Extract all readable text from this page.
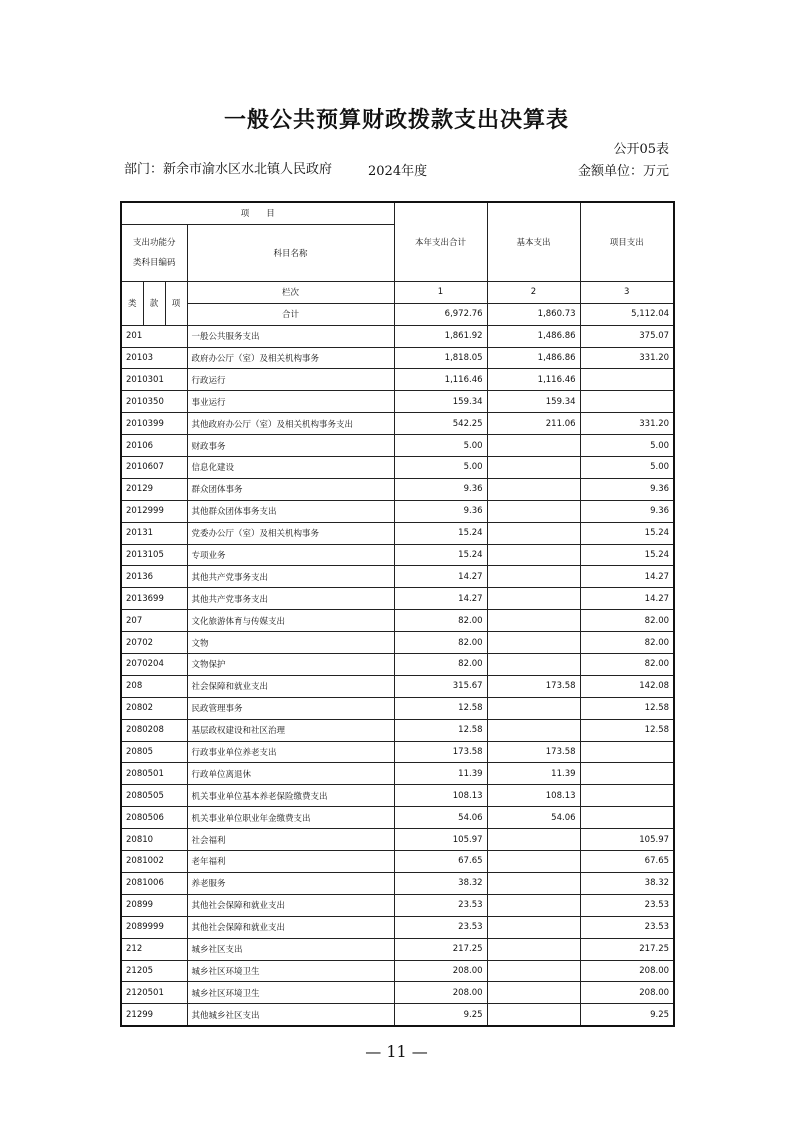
一般公共预算财政拨款支出决算表
公开05表
部门：新余市渝水区水北镇人民政府	2024年度	金额单位：万元
项　　目				本年支出合计	基本支出	项目支出
支出功能分类科目编码			科目名称			

类	款	项	栏次	1	2	3
			合计	6,972.76	1,860.73	5,112.04
201			一般公共服务支出	1,861.92	1,486.86	375.07
20103			政府办公厅（室）及相关机构事务	1,818.05	1,486.86	331.20
2010301			行政运行	1,116.46	1,116.46	
2010350			事业运行	159.34	159.34	
2010399			其他政府办公厅（室）及相关机构事务支出	542.25	211.06	331.20
20106			财政事务	5.00		5.00
2010607			信息化建设	5.00		5.00
20129			群众团体事务	9.36		9.36
2012999			其他群众团体事务支出	9.36		9.36
20131			党委办公厅（室）及相关机构事务	15.24		15.24
2013105			专项业务	15.24		15.24
20136			其他共产党事务支出	14.27		14.27
2013699			其他共产党事务支出	14.27		14.27
207			文化旅游体育与传媒支出	82.00		82.00
20702			文物	82.00		82.00
2070204			文物保护	82.00		82.00
208			社会保障和就业支出	315.67	173.58	142.08
20802			民政管理事务	12.58		12.58
2080208			基层政权建设和社区治理	12.58		12.58
20805			行政事业单位养老支出	173.58	173.58	
2080501			行政单位离退休	11.39	11.39	
2080505			机关事业单位基本养老保险缴费支出	108.13	108.13	
2080506			机关事业单位职业年金缴费支出	54.06	54.06	
20810			社会福利	105.97		105.97
2081002			老年福利	67.65		67.65
2081006			养老服务	38.32		38.32
20899			其他社会保障和就业支出	23.53		23.53
2089999			其他社会保障和就业支出	23.53		23.53
212			城乡社区支出	217.25		217.25
21205			城乡社区环境卫生	208.00		208.00
2120501			城乡社区环境卫生	208.00		208.00
21299			其他城乡社区支出	9.25		9.25
— 11 —
